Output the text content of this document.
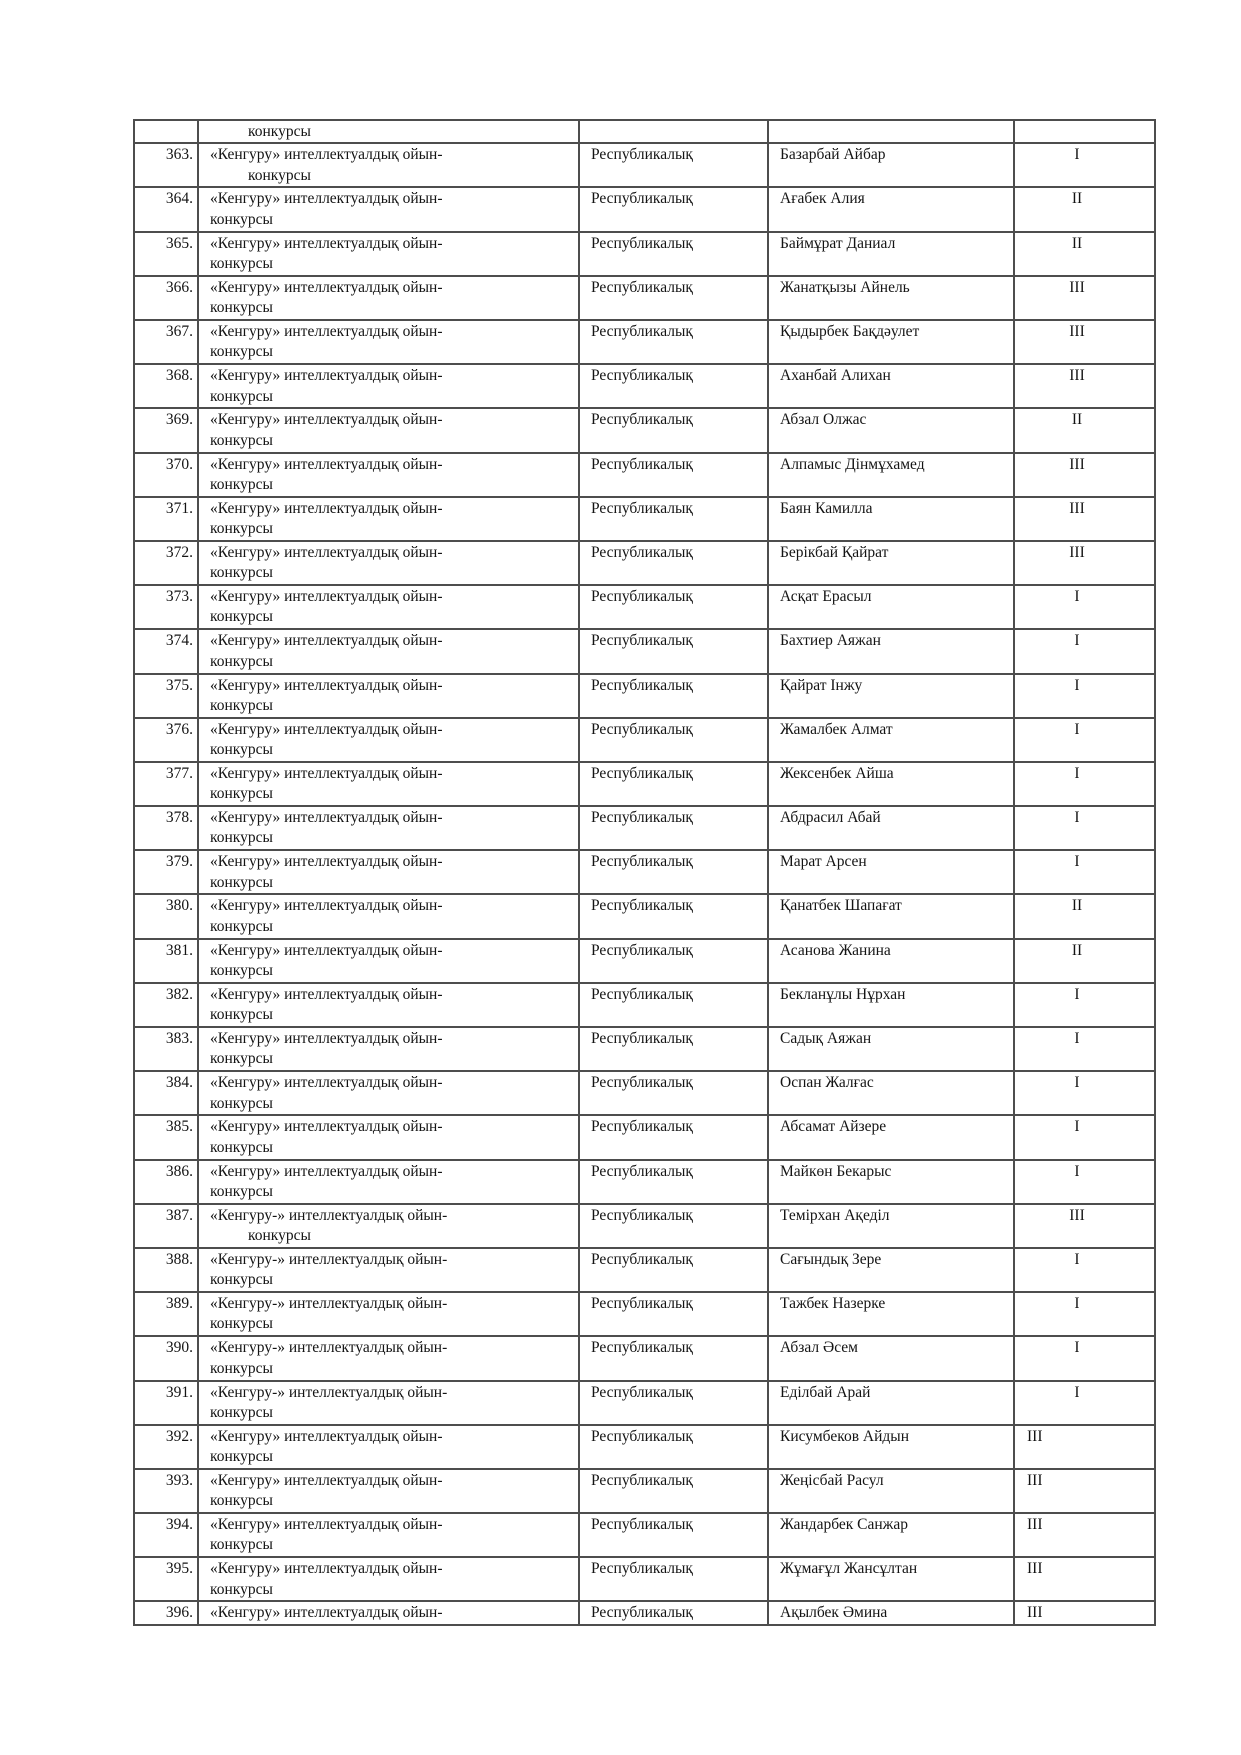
	конкурсы			

363.	«Кенгуру» интеллектуалдық ойын-
конкурсы	Республикалық	Базарбай Айбар	I
364.	«Кенгуру» интеллектуалдық ойын-
конкурсы	Республикалық	Ағабек Алия	II
365.	«Кенгуру» интеллектуалдық ойын-
конкурсы	Республикалық	Баймұрат Даниал	II
366.	«Кенгуру» интеллектуалдық ойын-
конкурсы	Республикалық	Жанатқызы Айнель	III
367.	«Кенгуру» интеллектуалдық ойын-
конкурсы	Республикалық	Қыдырбек Бақдәулет	III
368.	«Кенгуру» интеллектуалдық ойын-
конкурсы	Республикалық	Аханбай Алихан	III
369.	«Кенгуру» интеллектуалдық ойын-
конкурсы	Республикалық	Абзал Олжас	II
370.	«Кенгуру» интеллектуалдық ойын-
конкурсы	Республикалық	Алпамыс Дінмұхамед	III
371.	«Кенгуру» интеллектуалдық ойын-
конкурсы	Республикалық	Баян Камилла	III
372.	«Кенгуру» интеллектуалдық ойын-
конкурсы	Республикалық	Берікбай Қайрат	III
373.	«Кенгуру» интеллектуалдық ойын-
конкурсы	Республикалық	Асқат Ерасыл	I
374.	«Кенгуру» интеллектуалдық ойын-
конкурсы	Республикалық	Бахтиер Аяжан	I
375.	«Кенгуру» интеллектуалдық ойын-
конкурсы	Республикалық	Қайрат Інжу	I
376.	«Кенгуру» интеллектуалдық ойын-
конкурсы	Республикалық	Жамалбек Алмат	I
377.	«Кенгуру» интеллектуалдық ойын-
конкурсы	Республикалық	Жексенбек Айша	I
378.	«Кенгуру» интеллектуалдық ойын-
конкурсы	Республикалық	Абдрасил Абай	I
379.	«Кенгуру» интеллектуалдық ойын-
конкурсы	Республикалық	Марат Арсен	I
380.	«Кенгуру» интеллектуалдық ойын-
конкурсы	Республикалық	Қанатбек Шапағат	II
381.	«Кенгуру» интеллектуалдық ойын-
конкурсы	Республикалық	Асанова Жанина	II
382.	«Кенгуру» интеллектуалдық ойын-
конкурсы	Республикалық	Бекланұлы Нұрхан	I
383.	«Кенгуру» интеллектуалдық ойын-
конкурсы	Республикалық	Садық Аяжан	I
384.	«Кенгуру» интеллектуалдық ойын-
конкурсы	Республикалық	Оспан Жалғас	I
385.	«Кенгуру» интеллектуалдық ойын-
конкурсы	Республикалық	Абсамат Айзере	I
386.	«Кенгуру» интеллектуалдық ойын-
конкурсы	Республикалық	Майкөн Бекарыс	I
387.	«Кенгуру-» интеллектуалдық ойын-
конкурсы	Республикалық	Темірхан Ақеділ	III
388.	«Кенгуру-» интеллектуалдық ойын-
конкурсы	Республикалық	Сағындық Зере	I
389.	«Кенгуру-» интеллектуалдық ойын-
конкурсы	Республикалық	Тажбек Назерке	I
390.	«Кенгуру-» интеллектуалдық ойын-
конкурсы	Республикалық	Абзал Әсем	I
391.	«Кенгуру-» интеллектуалдық ойын-
конкурсы	Республикалық	Еділбай Арай	I
392.	«Кенгуру» интеллектуалдық ойын-
конкурсы	Республикалық	Кисумбеков Айдын	III
393.	«Кенгуру» интеллектуалдық ойын-
конкурсы	Республикалық	Жеңісбай Расул	III
394.	«Кенгуру» интеллектуалдық ойын-
конкурсы	Республикалық	Жандарбек Санжар	III
395.	«Кенгуру» интеллектуалдық ойын-
конкурсы	Республикалық	Жұмағұл Жансұлтан	III
396.	«Кенгуру» интеллектуалдық ойын-	Республикалық	Ақылбек Әмина	III
